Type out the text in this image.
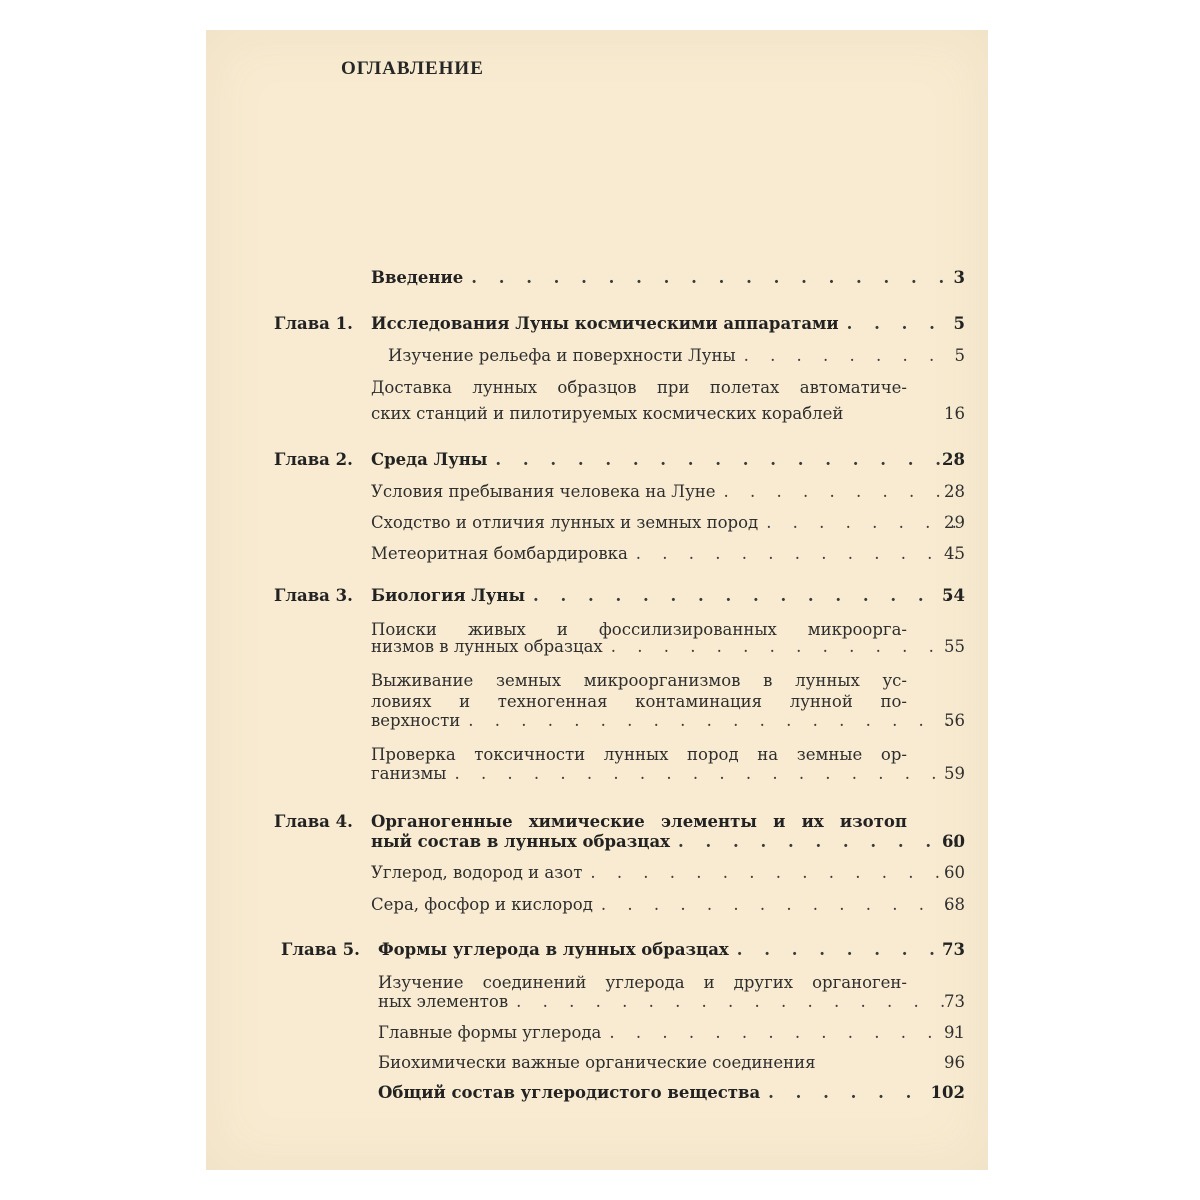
ОГЛАВЛЕНИЕ
Введение . . .	3
Глава 1. Исследования Луны космическими аппаратами . . .	5
Изучение рельефа и поверхности Луны . . .	5
Доставка лунных образцов при полетах автоматиче-
ских станций и пилотируемых космических кораблей	16
Глава 2. Среда Луны . . .	28
Условия пребывания человека на Луне . . .	28
Сходство и отличия лунных и земных пород . . .	29
Метеоритная бомбардировка . . .	45
Глава 3. Биология Луны . . .	54
Поиски живых и фоссилизированных микроорга-
низмов в лунных образцах . . .	55
Выживание земных микроорганизмов в лунных ус-
ловиях и техногенная контаминация лунной по-
верхности . . .	56
Проверка токсичности лунных пород на земные ор-
ганизмы . . .	59
Глава 4. Органогенные химические элементы и их изотоп
ный состав в лунных образцах . . .	60
Углерод, водород и азот . . .	60
Сера, фосфор и кислород . . .	68
Глава 5. Формы углерода в лунных образцах . . .	73
Изучение соединений углерода и других органоген-
ных элементов . . .	73
Главные формы углерода . . .	91
Биохимически важные органические соединения	96
Общий состав углеродистого вещества . . .	102
